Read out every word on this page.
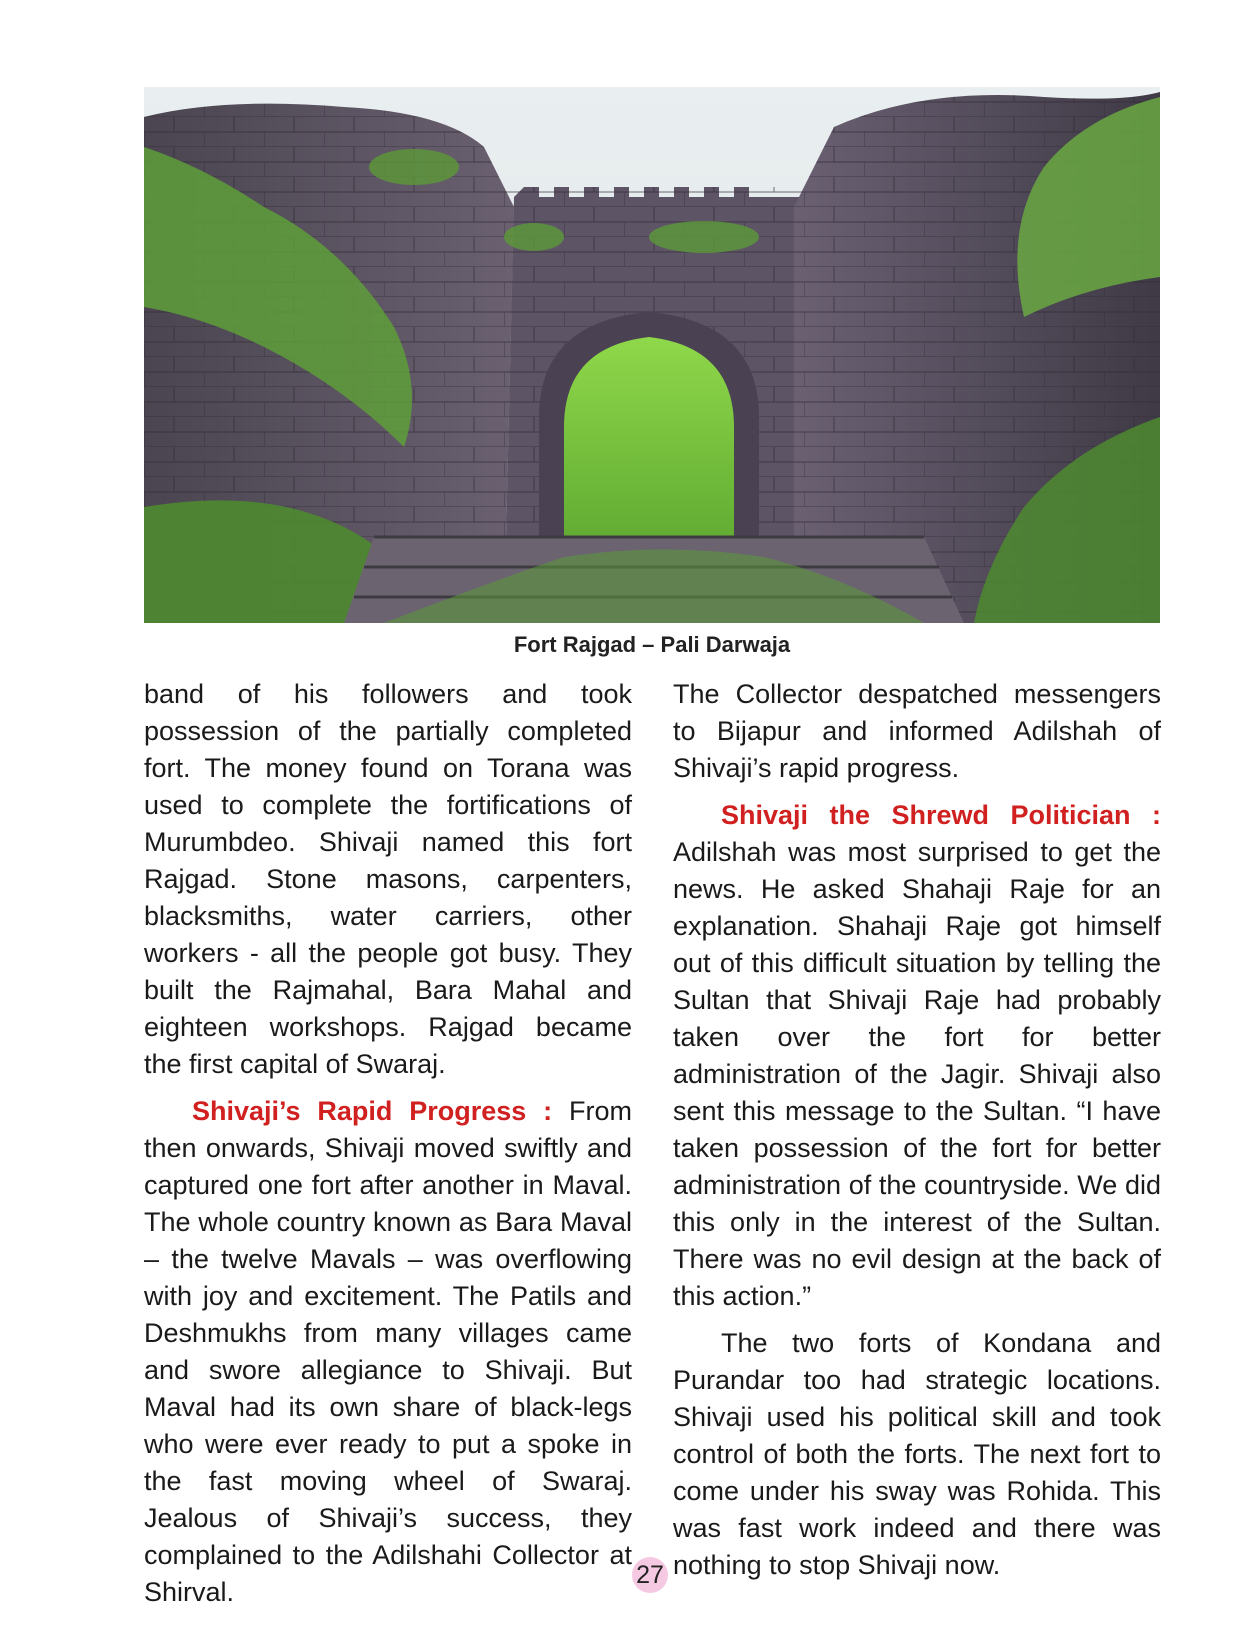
Fort Rajgad – Pali Darwaja

band of his followers and took possession of the partially completed fort. The money found on Torana was used to complete the fortifications of Murumbdeo. Shivaji named this fort Rajgad. Stone masons, carpenters, blacksmiths, water carriers, other workers - all the people got busy. They built the Rajmahal, Bara Mahal and eighteen workshops. Rajgad became the first capital of Swaraj.

Shivaji’s Rapid Progress : From then onwards, Shivaji moved swiftly and captured one fort after another in Maval. The whole country known as Bara Maval – the twelve Mavals – was overflowing with joy and excitement. The Patils and Deshmukhs from many villages came and swore allegiance to Shivaji. But Maval had its own share of black-legs who were ever ready to put a spoke in the fast moving wheel of Swaraj. Jealous of Shivaji’s success, they complained to the Adilshahi Collector at Shirval.

The Collector despatched messengers to Bijapur and informed Adilshah of Shivaji’s rapid progress.

Shivaji the Shrewd Politician : Adilshah was most surprised to get the news. He asked Shahaji Raje for an explanation. Shahaji Raje got himself out of this difficult situation by telling the Sultan that Shivaji Raje had probably taken over the fort for better administration of the Jagir. Shivaji also sent this message to the Sultan. “I have taken possession of the fort for better administration of the countryside. We did this only in the interest of the Sultan. There was no evil design at the back of this action.”

The two forts of Kondana and Purandar too had strategic locations. Shivaji used his political skill and took control of both the forts. The next fort to come under his sway was Rohida. This was fast work indeed and there was nothing to stop Shivaji now.

27
